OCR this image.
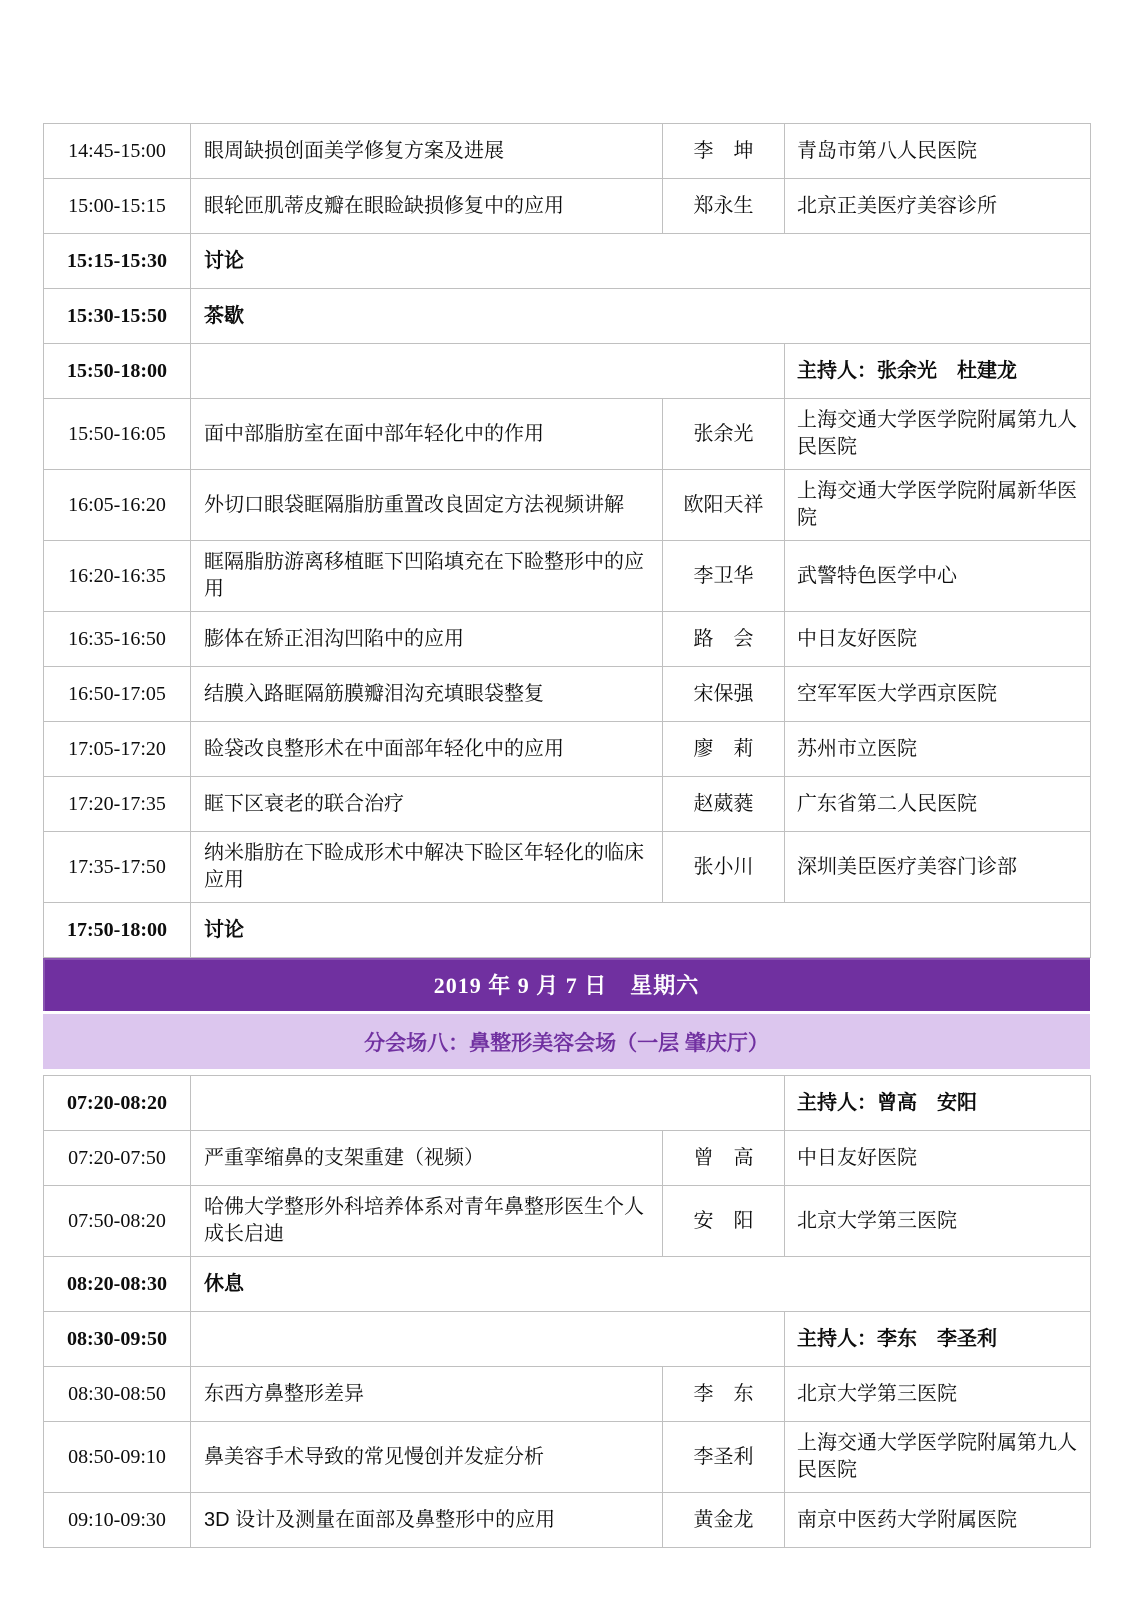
14:45-15:00	眼周缺损创面美学修复方案及进展	李　坤	青岛市第八人民医院
15:00-15:15	眼轮匝肌蒂皮瓣在眼睑缺损修复中的应用	郑永生	北京正美医疗美容诊所
15:15-15:30	讨论		
15:30-15:50	茶歇		
15:50-18:00			主持人：张余光　杜建龙
15:50-16:05	面中部脂肪室在面中部年轻化中的作用	张余光	上海交通大学医学院附属第九人民医院
16:05-16:20	外切口眼袋眶隔脂肪重置改良固定方法视频讲解	欧阳天祥	上海交通大学医学院附属新华医院
16:20-16:35	眶隔脂肪游离移植眶下凹陷填充在下睑整形中的应用	李卫华	武警特色医学中心
16:35-16:50	膨体在矫正泪沟凹陷中的应用	路　会	中日友好医院
16:50-17:05	结膜入路眶隔筋膜瓣泪沟充填眼袋整复	宋保强	空军军医大学西京医院
17:05-17:20	睑袋改良整形术在中面部年轻化中的应用	廖　莉	苏州市立医院
17:20-17:35	眶下区衰老的联合治疗	赵葳蕤	广东省第二人民医院
17:35-17:50	纳米脂肪在下睑成形术中解决下睑区年轻化的临床应用	张小川	深圳美臣医疗美容门诊部
17:50-18:00	讨论		
2019 年 9 月 7 日　星期六
分会场八：鼻整形美容会场（一层 肇庆厅）
07:20-08:20			主持人：曾高　安阳
07:20-07:50	严重挛缩鼻的支架重建（视频）	曾　高	中日友好医院
07:50-08:20	哈佛大学整形外科培养体系对青年鼻整形医生个人成长启迪	安　阳	北京大学第三医院
08:20-08:30	休息		
08:30-09:50			主持人：李东　李圣利
08:30-08:50	东西方鼻整形差异	李　东	北京大学第三医院
08:50-09:10	鼻美容手术导致的常见慢创并发症分析	李圣利	上海交通大学医学院附属第九人民医院
09:10-09:30	3D 设计及测量在面部及鼻整形中的应用	黄金龙	南京中医药大学附属医院
